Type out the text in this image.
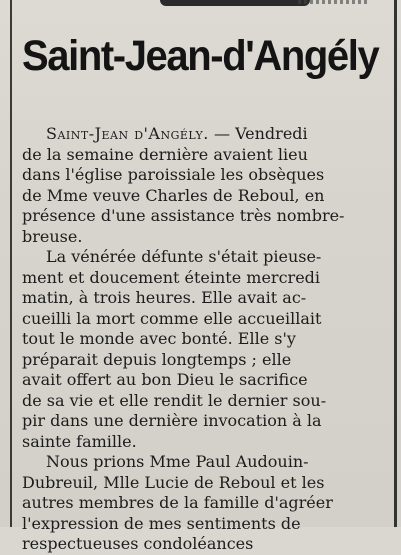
Saint-Jean-d'Angély
Saint-Jean d'Angély. — Vendredi
de la semaine dernière avaient lieu
dans l'église paroissiale les obsèques
de Mme veuve Charles de Reboul, en
présence d'une assistance très nombre-
breuse.
La vénérée défunte s'était pieuse-
ment et doucement éteinte mercredi
matin, à trois heures. Elle avait ac-
cueilli la mort comme elle accueillait
tout le monde avec bonté. Elle s'y
préparait depuis longtemps ; elle
avait offert au bon Dieu le sacrifice
de sa vie et elle rendit le dernier sou-
pir dans une dernière invocation à la
sainte famille.
Nous prions Mme Paul Audouin-
Dubreuil, Mlle Lucie de Reboul et les
autres membres de la famille d'agréer
l'expression de mes sentiments de
respectueuses condoléances
